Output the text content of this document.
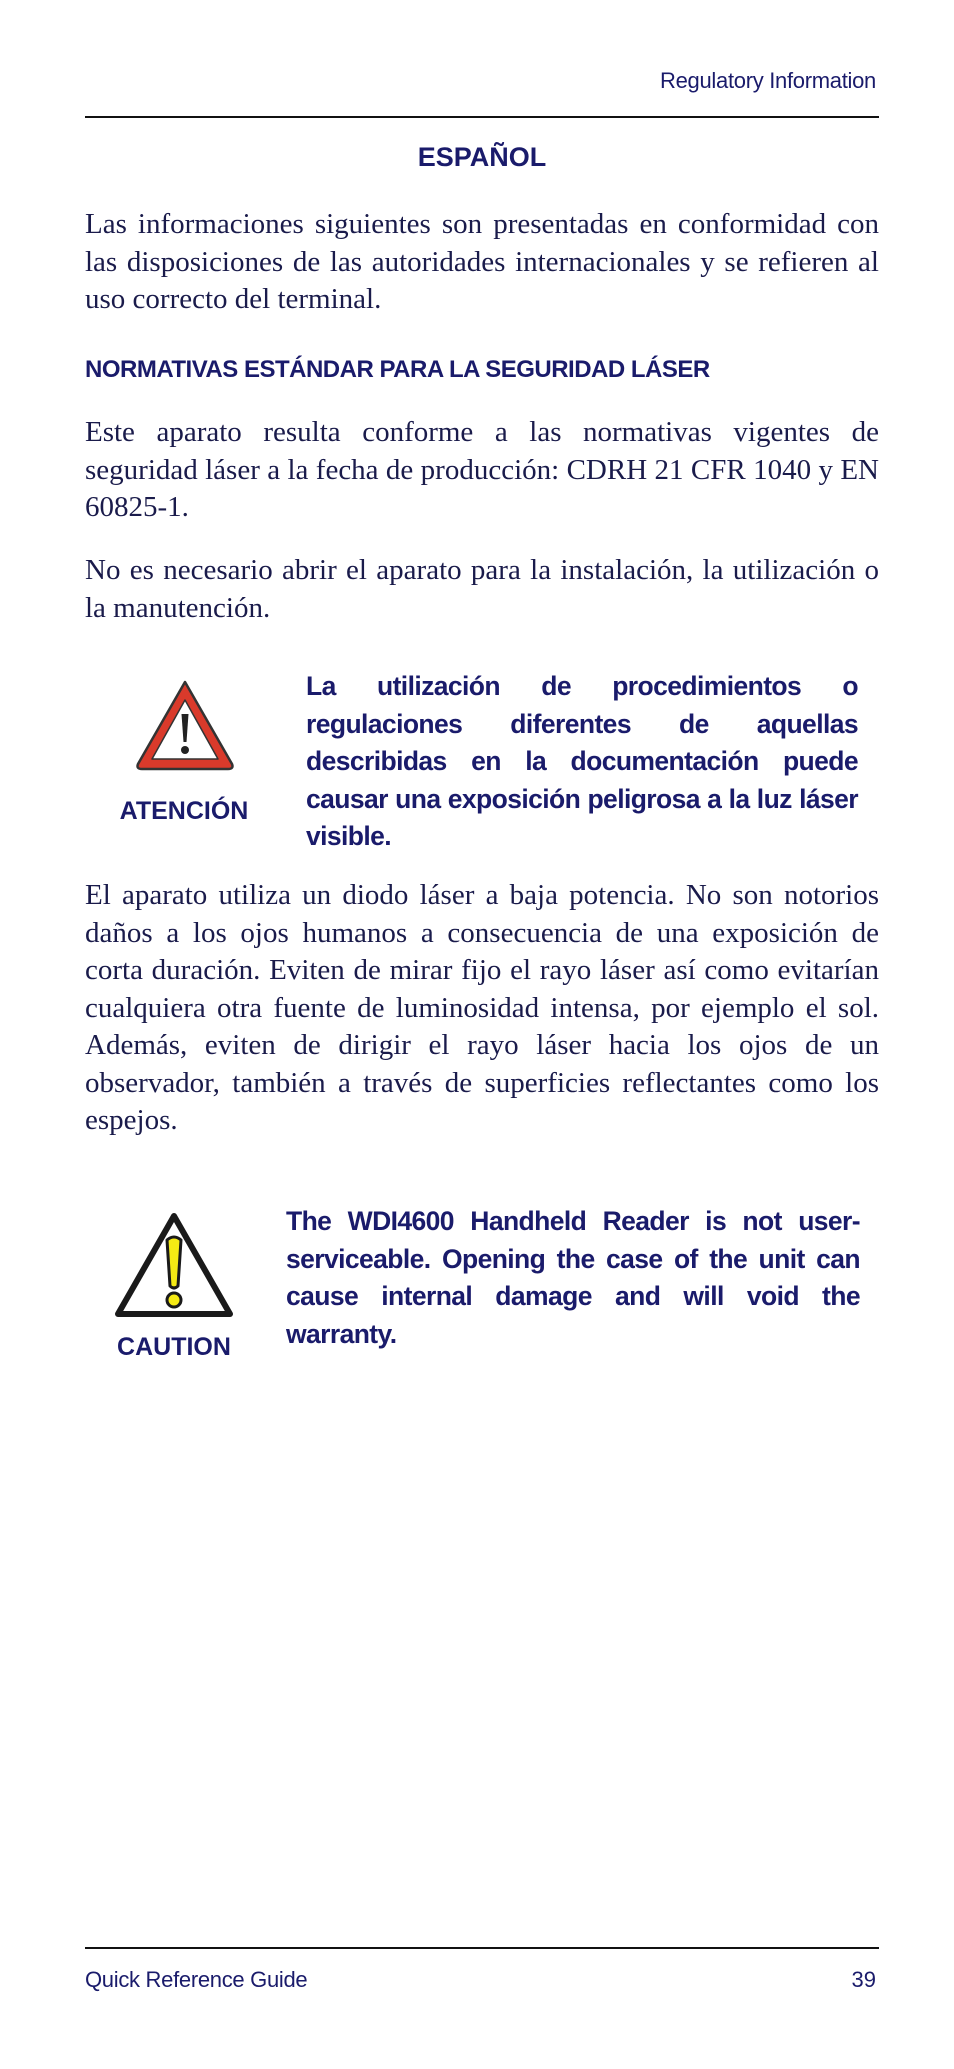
Regulatory Information
ESPAÑOL
Las informaciones siguientes son presentadas en conformidad con las disposiciones de las autoridades internacionales y se refieren al uso correcto del terminal.
NORMATIVAS ESTÁNDAR PARA LA SEGURIDAD LÁSER
Este aparato resulta conforme a las normativas vigentes de seguridad láser a la fecha de producción: CDRH 21 CFR 1040 y EN 60825-1.
No es necesario abrir el aparato para la instalación, la utilización o la manutención.
ATENCIÓN
La utilización de procedimientos o regulaciones diferentes de aquellas describidas en la documentación puede causar una exposición peligrosa a la luz láser visible.
El aparato utiliza un diodo láser a baja potencia. No son notorios daños a los ojos humanos a consecuencia de una exposición de corta duración. Eviten de mirar fijo el rayo láser así como evitarían cualquiera otra fuente de luminosidad intensa, por ejemplo el sol. Además, eviten de dirigir el rayo láser hacia los ojos de un observador, también a través de superficies reflectantes como los espejos.
CAUTION
The WDI4600 Handheld Reader is not user-serviceable. Opening the case of the unit can cause internal damage and will void the warranty.
Quick Reference Guide	39
